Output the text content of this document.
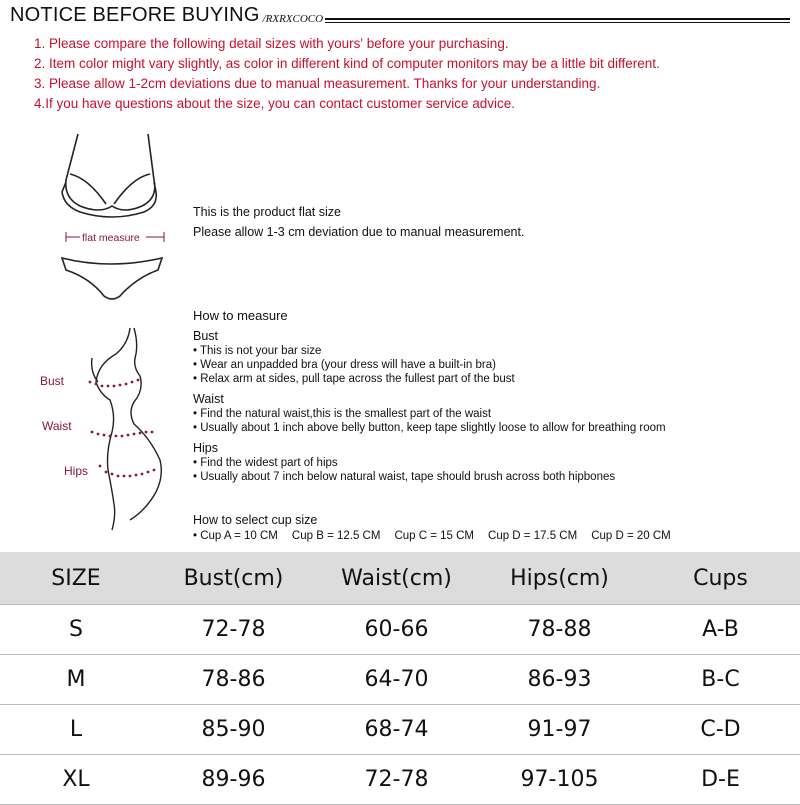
NOTICE BEFORE BUYING /RXRXCOCO
1. Please compare the following detail sizes with yours' before your purchasing.
2. Item color might vary slightly, as color in different kind of computer monitors may be a little bit different.
3. Please allow 1-2cm deviations due to manual measurement. Thanks for your understanding.
4.If you have questions about the size, you can contact customer service advice.
flat measure
Bust
Waist
Hips
This is the product flat size
Please allow 1-3 cm deviation due to manual measurement.
How to measure
Bust
• This is not your bar size
• Wear an unpadded bra (your dress will have a built-in bra)
• Relax arm at sides, pull tape across the fullest part of the bust
Waist
• Find the natural waist,this is the smallest part of the waist
• Usually about 1 inch above belly button, keep tape slightly loose to allow for breathing room
Hips
• Find the widest part of hips
• Usually about 7 inch below natural waist, tape should brush across both hipbones
How to select cup size
• Cup A = 10 CM Cup B = 12.5 CM Cup C = 15 CM Cup D = 17.5 CM Cup D = 20 CM
SIZE	Bust(cm)	Waist(cm)	Hips(cm)	Cups
S	72-78	60-66	78-88	A-B
M	78-86	64-70	86-93	B-C
L	85-90	68-74	91-97	C-D
XL	89-96	72-78	97-105	D-E
